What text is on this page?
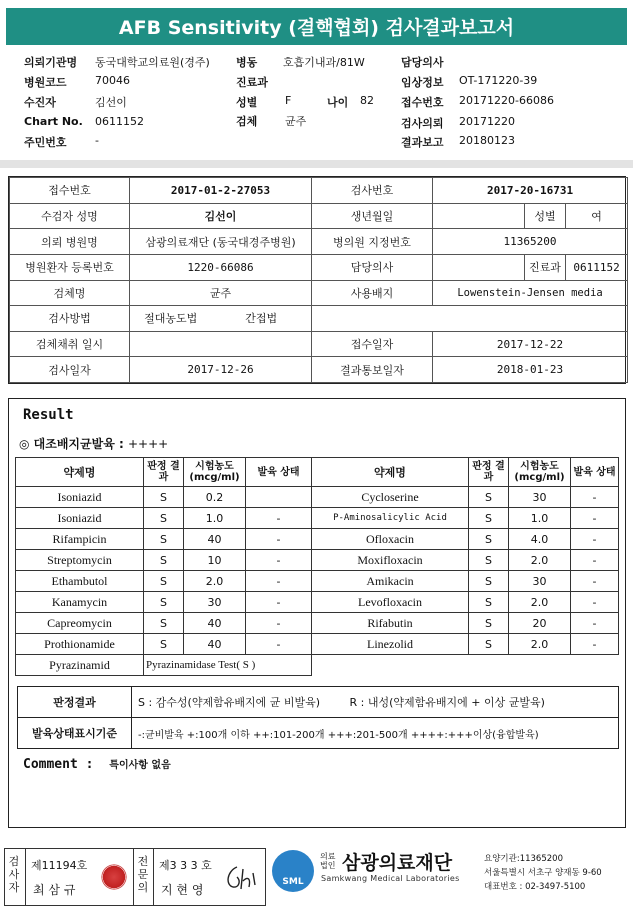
AFB Sensitivity (결핵협회) 검사결과보고서
의뢰기관명 동국대학교의료원(경주) 병동 호흡기내과/81W	담당의사
병원코드	70046	진료과	임상정보 OT-171220-39
수진자	김선이	성별	F	나이 82 접수번호 20171220-66086
Chart No. 0611152	검체	균주	검사의뢰 20171220
주민번호	-	결과보고 20180123
접수번호	2017-01-2-27053		검사번호	2017-20-16731		
수검자 성명	김선이		생년월일		성별	여
의뢰 병원명	삼광의료재단 (동국대경주병원)		병의원 지정번호	11365200		
병원환자 등록번호	1220-66086		담당의사		진료과	0611152
검체명	균주		사용배지	Lowenstein-Jensen media		
검사방법	절대농도법	간접법				
검체채취 일시			접수일자	2017-12-22		
검사일자	2017-12-26		결과통보일자	2018-01-23		
Result
◎ 대조배지균발육 : ++++
약제명	판정 결과	시험농도 (mcg/ml)	발육 상태	약제명	판정 결과	시험농도 (mcg/ml)	발육 상태
Isoniazid	S	0.2		Cycloserine	S	30	-
Isoniazid	S	1.0	-	P-Aminosalicylic Acid	S	1.0	-
Rifampicin	S	40	-	Ofloxacin	S	4.0	-
Streptomycin	S	10	-	Moxifloxacin	S	2.0	-
Ethambutol	S	2.0	-	Amikacin	S	30	-
Kanamycin	S	30	-	Levofloxacin	S	2.0	-
Capreomycin	S	40	-	Rifabutin	S	20	-
Prothionamide	S	40	-	Linezolid	S	2.0	-
Pyrazinamid	Pyrazinamidase Test( S )						
판정결과	S : 감수성(약제함유배지에 균 비발육) R : 내성(약제함유배지에 + 이상 균발육)
발육상태표시기준	-:균비발육 +:100개 이하 ++:101-200개 +++:201-500개 ++++:+++이상(융합발육)
Comment : 특이사항 없음
검사자
제11194호
최 삼 규
전문의
제3 3 3 호
지 현 영
SML
의료법인 삼광의료재단
Samkwang Medical Laboratories
요양기관:11365200
서울특별시 서초구 양재동 9-60
대표번호 : 02-3497-5100
